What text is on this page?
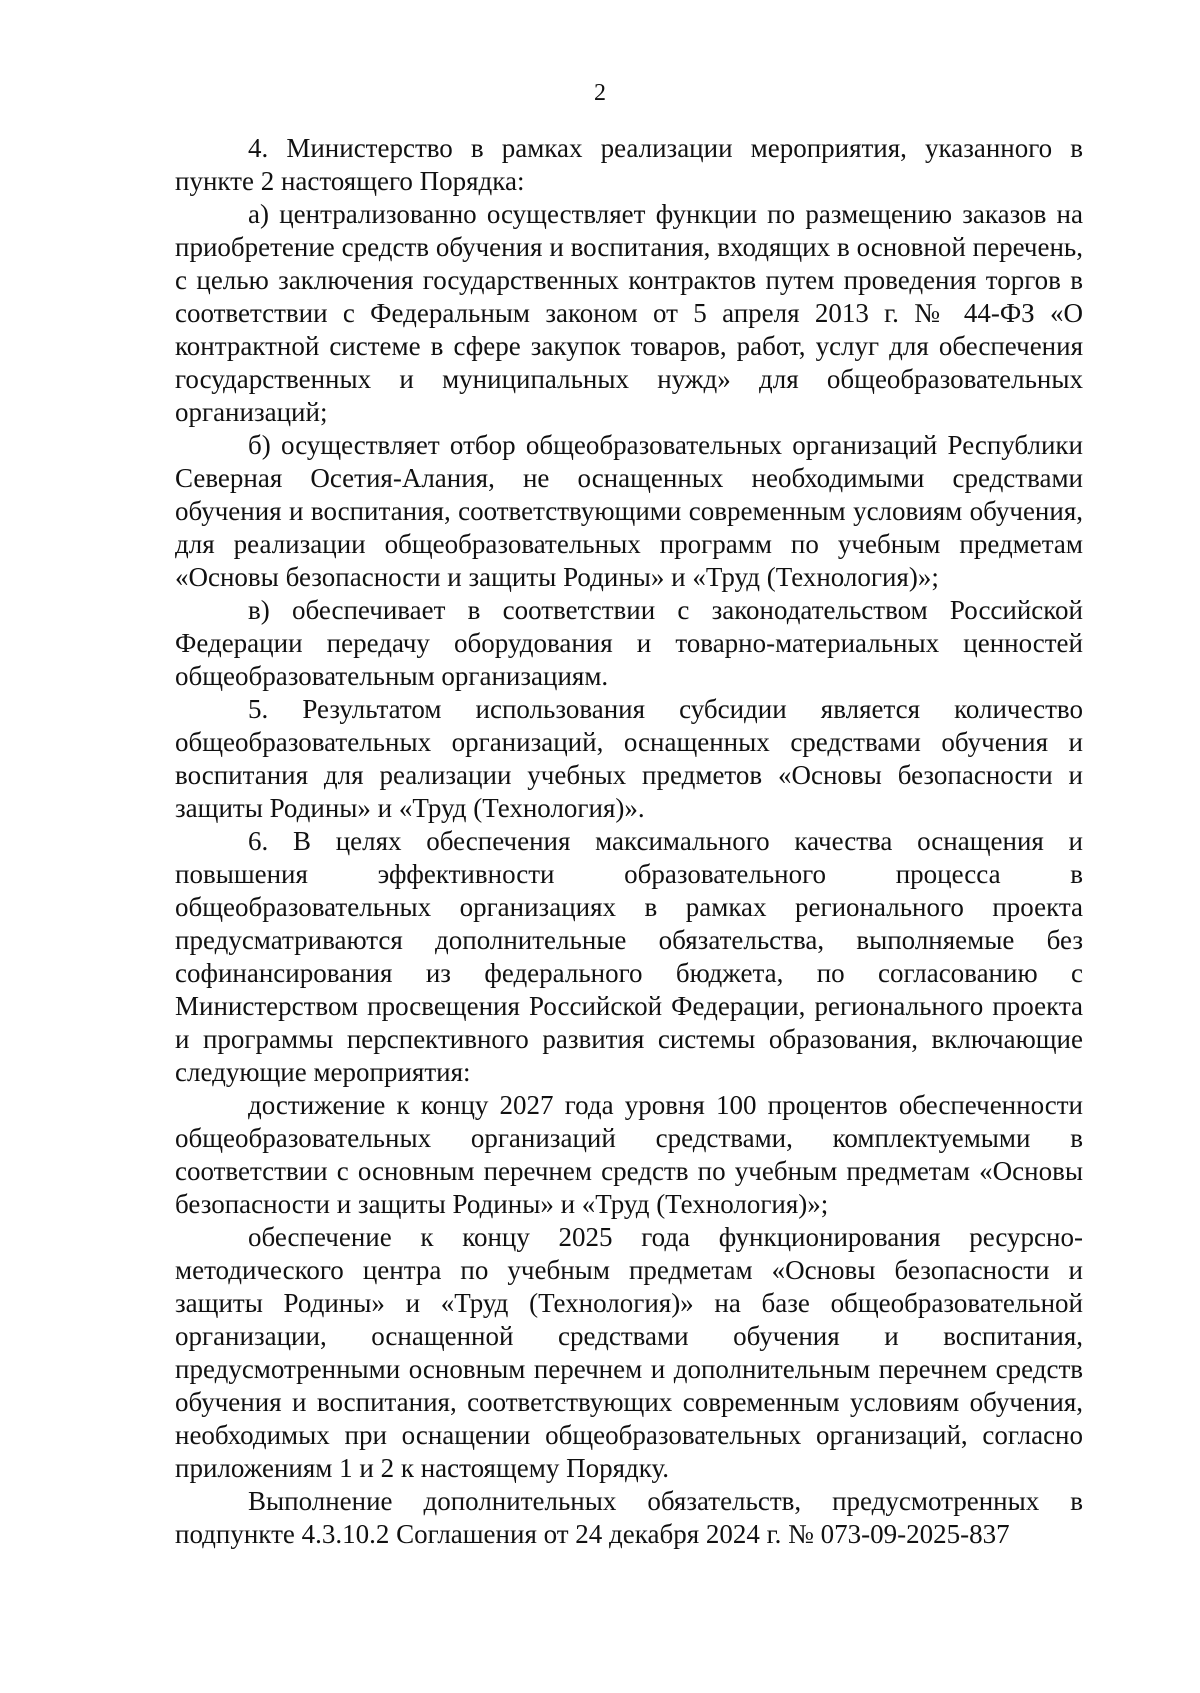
2

4. Министерство в рамках реализации мероприятия, указанного в пункте 2 настоящего Порядка:

а) централизованно осуществляет функции по размещению заказов на приобретение средств обучения и воспитания, входящих в основной перечень, с целью заключения государственных контрактов путем проведения торгов в соответствии с Федеральным законом от 5 апреля 2013 г. № 44-ФЗ «О контрактной системе в сфере закупок товаров, работ, услуг для обеспечения государственных и муниципальных нужд» для общеобразовательных организаций;

б) осуществляет отбор общеобразовательных организаций Республики Северная Осетия-Алания, не оснащенных необходимыми средствами обучения и воспитания, соответствующими современным условиям обучения, для реализации общеобразовательных программ по учебным предметам «Основы безопасности и защиты Родины» и «Труд (Технология)»;

в) обеспечивает в соответствии с законодательством Российской Федерации передачу оборудования и товарно-материальных ценностей общеобразовательным организациям.

5. Результатом использования субсидии является количество общеобразовательных организаций, оснащенных средствами обучения и воспитания для реализации учебных предметов «Основы безопасности и защиты Родины» и «Труд (Технология)».

6. В целях обеспечения максимального качества оснащения и повышения эффективности образовательного процесса в общеобразовательных организациях в рамках регионального проекта предусматриваются дополнительные обязательства, выполняемые без софинансирования из федерального бюджета, по согласованию с Министерством просвещения Российской Федерации, регионального проекта и программы перспективного развития системы образования, включающие следующие мероприятия:

достижение к концу 2027 года уровня 100 процентов обеспеченности общеобразовательных организаций средствами, комплектуемыми в соответствии с основным перечнем средств по учебным предметам «Основы безопасности и защиты Родины» и «Труд (Технология)»;

обеспечение к концу 2025 года функционирования ресурсно-методического центра по учебным предметам «Основы безопасности и защиты Родины» и «Труд (Технология)» на базе общеобразовательной организации, оснащенной средствами обучения и воспитания, предусмотренными основным перечнем и дополнительным перечнем средств обучения и воспитания, соответствующих современным условиям обучения, необходимых при оснащении общеобразовательных организаций, согласно приложениям 1 и 2 к настоящему Порядку.

Выполнение дополнительных обязательств, предусмотренных в подпункте 4.3.10.2 Соглашения от 24 декабря 2024 г. № 073-09-2025-837
